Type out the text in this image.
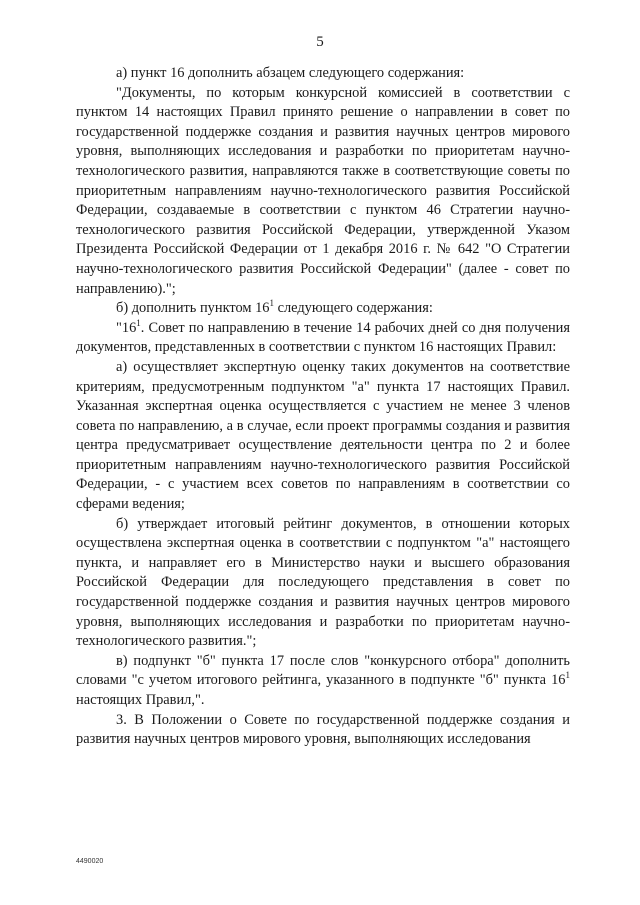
5

а) пункт 16 дополнить абзацем следующего содержания:

"Документы, по которым конкурсной комиссией в соответствии с пунктом 14 настоящих Правил принято решение о направлении в совет по государственной поддержке создания и развития научных центров мирового уровня, выполняющих исследования и разработки по приоритетам научно-технологического развития, направляются также в соответствующие советы по приоритетным направлениям научно-технологического развития Российской Федерации, создаваемые в соответствии с пунктом 46 Стратегии научно-технологического развития Российской Федерации, утвержденной Указом Президента Российской Федерации от 1 декабря 2016 г. № 642 "О Стратегии научно-технологического развития Российской Федерации" (далее - совет по направлению).";

б) дополнить пунктом $16^1$ следующего содержания:

"$16^1$. Совет по направлению в течение 14 рабочих дней со дня получения документов, представленных в соответствии с пунктом 16 настоящих Правил:

а) осуществляет экспертную оценку таких документов на соответствие критериям, предусмотренным подпунктом "а" пункта 17 настоящих Правил. Указанная экспертная оценка осуществляется с участием не менее 3 членов совета по направлению, а в случае, если проект программы создания и развития центра предусматривает осуществление деятельности центра по 2 и более приоритетным направлениям научно-технологического развития Российской Федерации, - с участием всех советов по направлениям в соответствии со сферами ведения;

б) утверждает итоговый рейтинг документов, в отношении которых осуществлена экспертная оценка в соответствии с подпунктом "а" настоящего пункта, и направляет его в Министерство науки и высшего образования Российской Федерации для последующего представления в совет по государственной поддержке создания и развития научных центров мирового уровня, выполняющих исследования и разработки по приоритетам научно-технологического развития.";

в) подпункт "б" пункта 17 после слов "конкурсного отбора" дополнить словами "с учетом итогового рейтинга, указанного в подпункте "б" пункта $16^1$ настоящих Правил,".

3. В Положении о Совете по государственной поддержке создания и развития научных центров мирового уровня, выполняющих исследования

4490020
